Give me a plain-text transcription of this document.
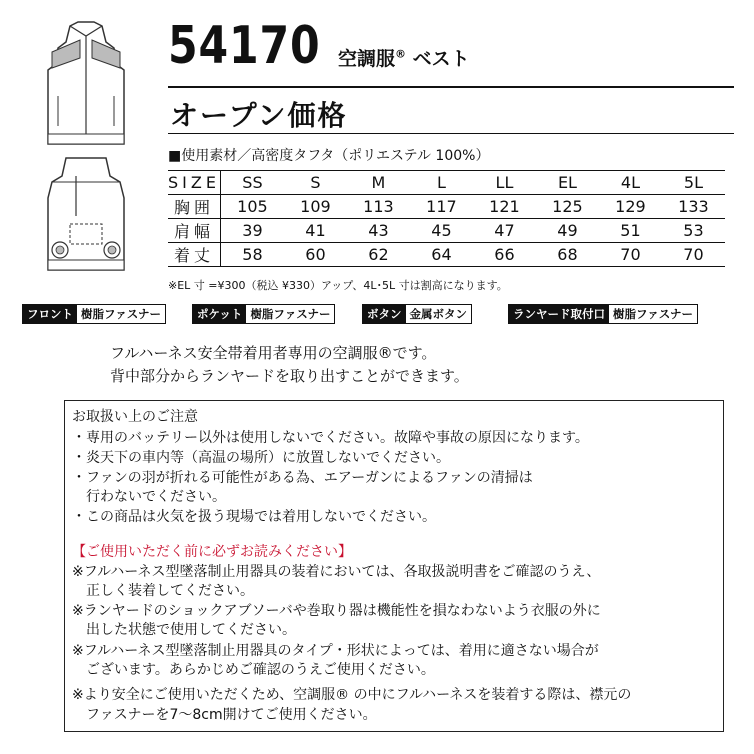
54170 空調服® ベスト
オープン価格
■使用素材／高密度タフタ（ポリエステル 100%）
SIZE	SS	S	M	L	LL	EL	4L	5L
胸囲	105	109	113	117	121	125	129	133
肩幅	39	41	43	45	47	49	51	53
着丈	58	60	62	64	66	68	70	70
※EL 寸 =¥300（税込 ¥330）アップ、4L･5L 寸は割高になります。
フロント 樹脂ファスナー	ポケット 樹脂ファスナー	ボタン 金属ボタン	ランヤード取付口 樹脂ファスナー
フルハーネス安全帯着用者専用の空調服®です。
背中部分からランヤードを取り出すことができます。
お取扱い上のご注意
・専用のバッテリー以外は使用しないでください。故障や事故の原因になります。
・炎天下の車内等（高温の場所）に放置しないでください。
・ファンの羽が折れる可能性がある為、エアーガンによるファンの清掃は
　行わないでください。
・この商品は火気を扱う現場では着用しないでください。
【ご使用いただく前に必ずお読みください】
※フルハーネス型墜落制止用器具の装着においては、各取扱説明書をご確認のうえ、
　正しく装着してください。
※ランヤードのショックアブソーバや巻取り器は機能性を損なわないよう衣服の外に
　出した状態で使用してください。
※フルハーネス型墜落制止用器具のタイプ・形状によっては、着用に適さない場合が
　ございます。あらかじめご確認のうえご使用ください。
※より安全にご使用いただくため、空調服® の中にフルハーネスを装着する際は、襟元の
　ファスナーを7～8cm開けてご使用ください。
